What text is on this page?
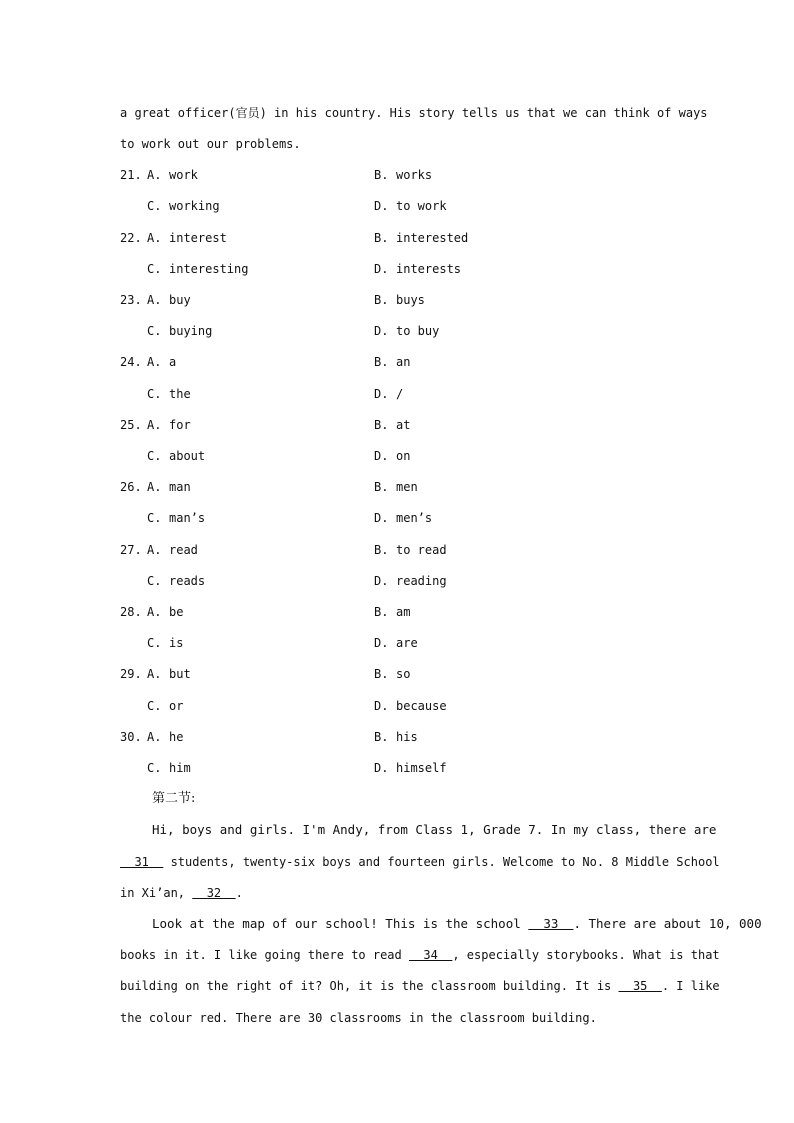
a great officer(官员) in his country. His story tells us that we can think of ways
to work out our problems.
21. A. work	B. works
C. working	D. to work
22. A. interest	B. interested
C. interesting	D. interests
23. A. buy	B. buys
C. buying	D. to buy
24. A. a	B. an
C. the	D. /
25. A. for	B. at
C. about	D. on
26. A. man	B. men
C. man’s	D. men’s
27. A. read	B. to read
C. reads	D. reading
28. A. be	B. am
C. is	D. are
29. A. but	B. so
C. or	D. because
30. A. he	B. his
C. him	D. himself
第二节:
Hi, boys and girls. I'm Andy, from Class 1, Grade 7. In my class, there are
31   students, twenty-six boys and fourteen girls. Welcome to No. 8 Middle School
in Xi’an,   32  .
Look at the map of our school! This is the school   33  . There are about 10, 000
books in it. I like going there to read   34  , especially storybooks. What is that
building on the right of it? Oh, it is the classroom building. It is   35  . I like
the colour red. There are 30 classrooms in the classroom building.
